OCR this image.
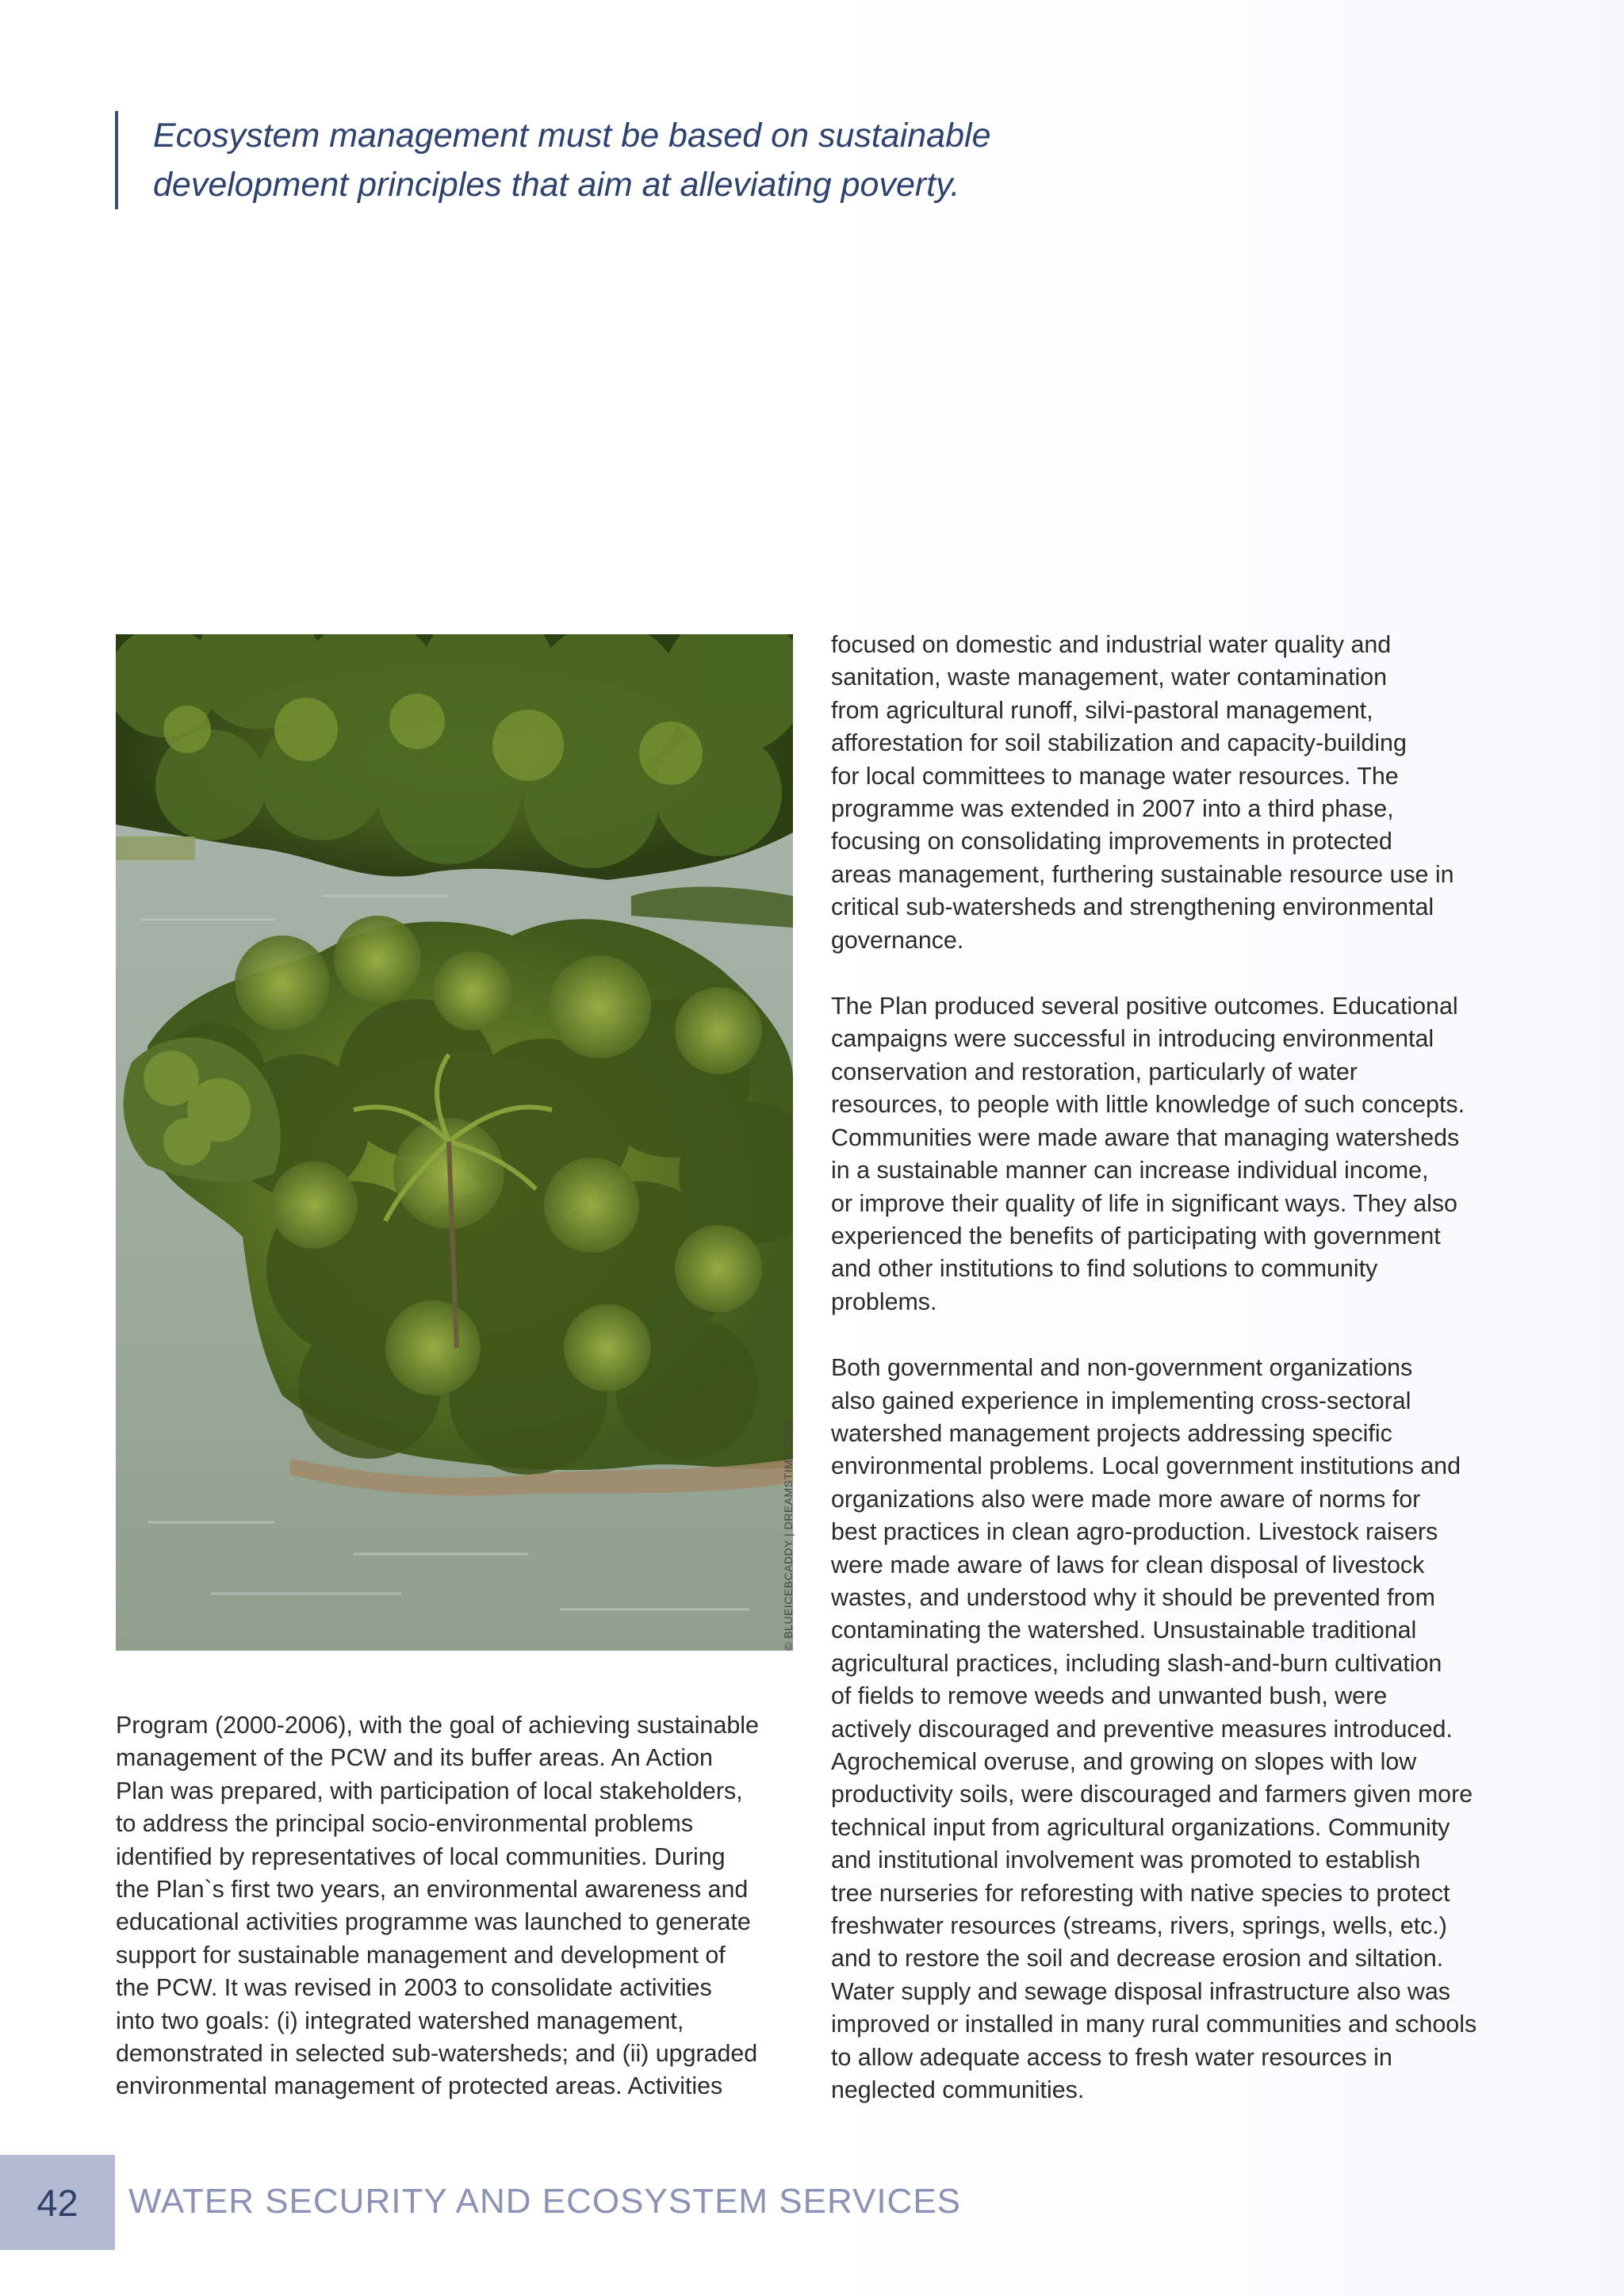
Ecosystem management must be based on sustainable

development principles that aim at alleviating poverty.

© BLUEICEBCADDY | DREAMSTIME.COM

Program (2000-2006), with the goal of achieving sustainable
management of the PCW and its buffer areas. An Action
Plan was prepared, with participation of local stakeholders,
to address the principal socio-environmental problems
identified by representatives of local communities. During
the Plan`s first two years, an environmental awareness and
educational activities programme was launched to generate
support for sustainable management and development of
the PCW. It was revised in 2003 to consolidate activities
into two goals: (i) integrated watershed management,
demonstrated in selected sub-watersheds; and (ii) upgraded
environmental management of protected areas. Activities

focused on domestic and industrial water quality and
sanitation, waste management, water contamination
from agricultural runoff, silvi-pastoral management,
afforestation for soil stabilization and capacity-building
for local committees to manage water resources. The
programme was extended in 2007 into a third phase,
focusing on consolidating improvements in protected
areas management, furthering sustainable resource use in
critical sub-watersheds and strengthening environmental
governance.

The Plan produced several positive outcomes. Educational
campaigns were successful in introducing environmental
conservation and restoration, particularly of water
resources, to people with little knowledge of such concepts.
Communities were made aware that managing watersheds
in a sustainable manner can increase individual income,
or improve their quality of life in significant ways. They also
experienced the benefits of participating with government
and other institutions to find solutions to community
problems.

Both governmental and non-government organizations
also gained experience in implementing cross-sectoral
watershed management projects addressing specific
environmental problems. Local government institutions and
organizations also were made more aware of norms for
best practices in clean agro-production. Livestock raisers
were made aware of laws for clean disposal of livestock
wastes, and understood why it should be prevented from
contaminating the watershed. Unsustainable traditional
agricultural practices, including slash-and-burn cultivation
of fields to remove weeds and unwanted bush, were
actively discouraged and preventive measures introduced.
Agrochemical overuse, and growing on slopes with low
productivity soils, were discouraged and farmers given more
technical input from agricultural organizations. Community
and institutional involvement was promoted to establish
tree nurseries for reforesting with native species to protect
freshwater resources (streams, rivers, springs, wells, etc.)
and to restore the soil and decrease erosion and siltation.
Water supply and sewage disposal infrastructure also was
improved or installed in many rural communities and schools
to allow adequate access to fresh water resources in
neglected communities.

42	WATER SECURITY AND ECOSYSTEM SERVICES
